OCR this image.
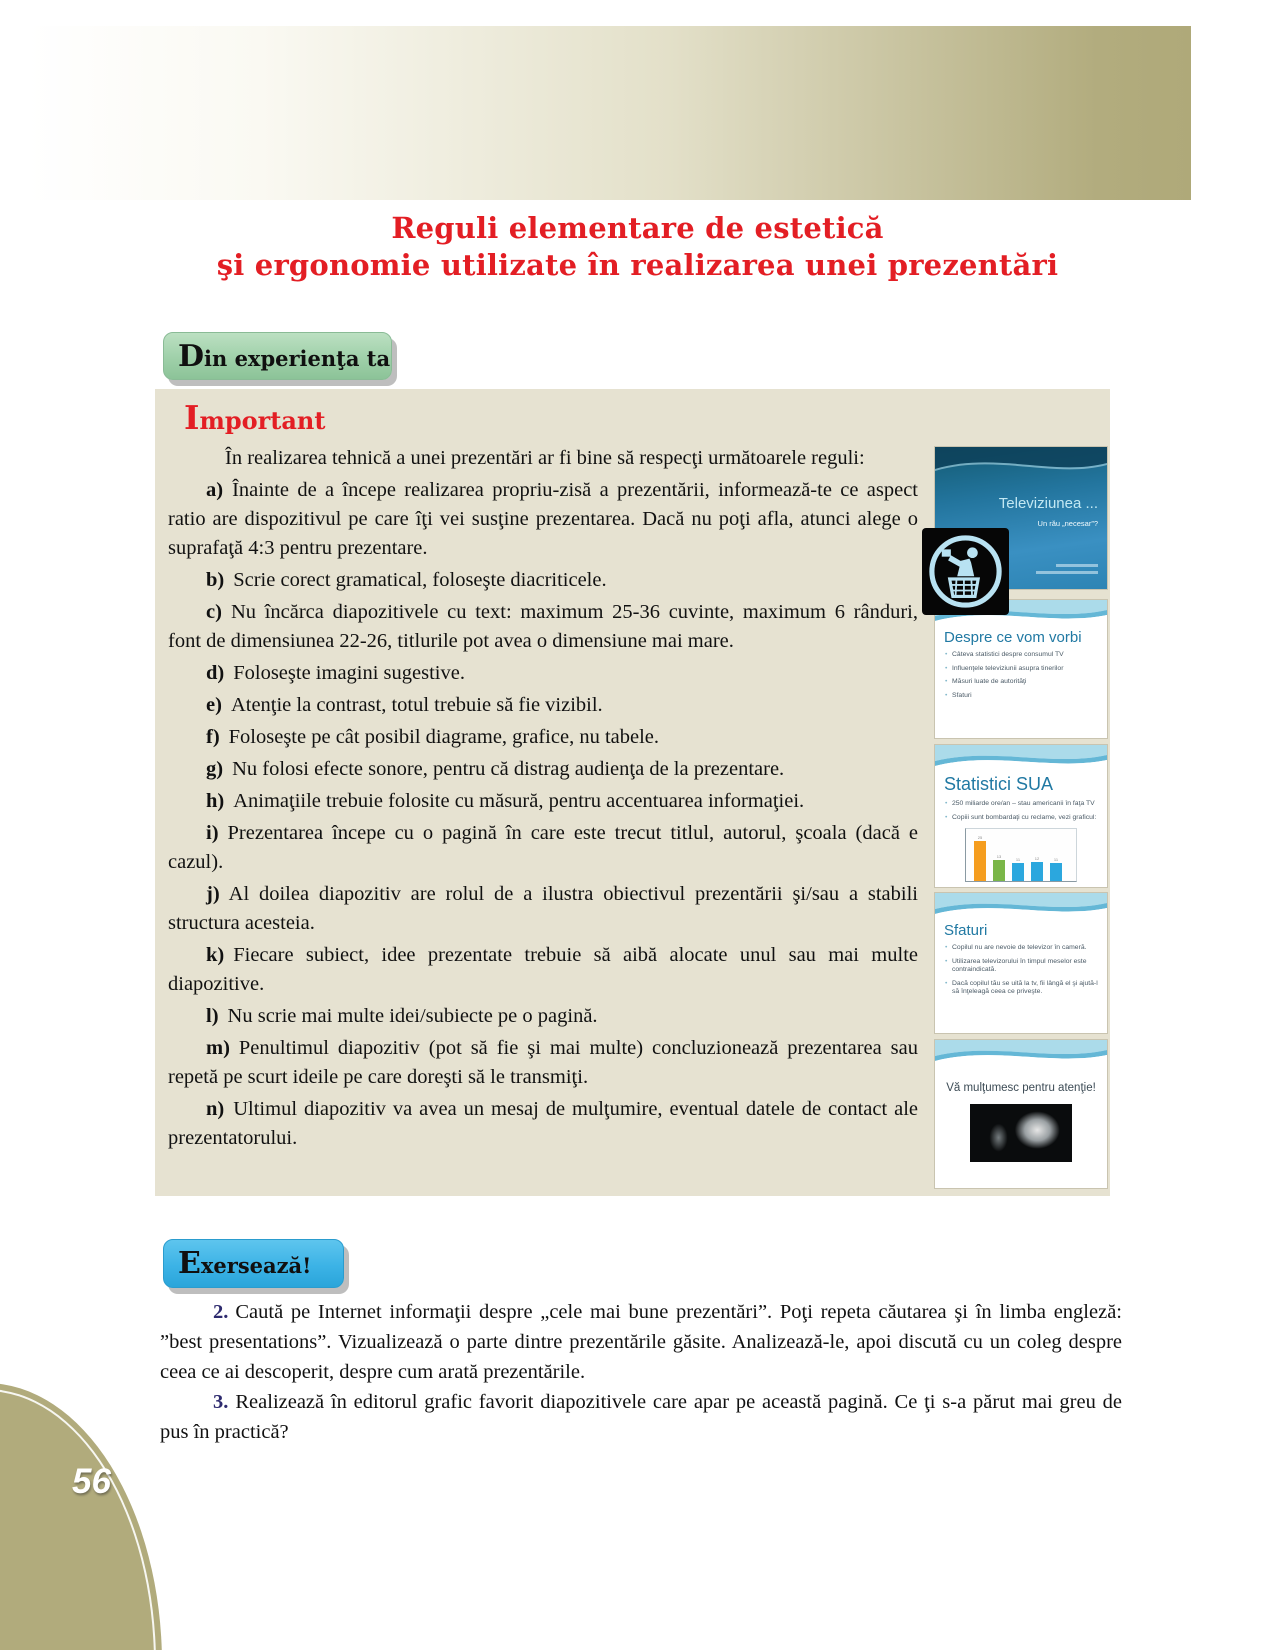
Reguli elementare de estetică
şi ergonomie utilizate în realizarea unei prezentări
Din experienţa ta
Important

În realizarea tehnică a unei prezentări ar fi bine să respecţi următoarele reguli:

a) Înainte de a începe realizarea propriu-zisă a prezentării, informează-te ce aspect ratio are dispozitivul pe care îţi vei susţine prezentarea. Dacă nu poţi afla, atunci alege o suprafaţă 4:3 pentru prezentare.

b) Scrie corect gramatical, foloseşte diacriticele.

c) Nu încărca diapozitivele cu text: maximum 25-36 cuvinte, maximum 6 rânduri, font de dimensiunea 22-26, titlurile pot avea o dimensiune mai mare.

d) Foloseşte imagini sugestive.

e) Atenţie la contrast, totul trebuie să fie vizibil.

f) Foloseşte pe cât posibil diagrame, grafice, nu tabele.

g) Nu folosi efecte sonore, pentru că distrag audienţa de la prezentare.

h) Animaţiile trebuie folosite cu măsură, pentru accentuarea informaţiei.

i) Prezentarea începe cu o pagină în care este trecut titlul, autorul, şcoala (dacă e cazul).

j) Al doilea diapozitiv are rolul de a ilustra obiectivul prezentării şi/sau a stabili structura acesteia.

k) Fiecare subiect, idee prezentate trebuie să aibă alocate unul sau mai multe diapozitive.

l) Nu scrie mai multe idei/subiecte pe o pagină.

m) Penultimul diapozitiv (pot să fie şi mai multe) concluzionează prezentarea sau repetă pe scurt ideile pe care doreşti să le transmiţi.

n) Ultimul diapozitiv va avea un mesaj de mulţumire, eventual datele de contact ale prezentatorului.

Televiziunea ...
Un rău „necesar”?
Despre ce vom vorbi
• Câteva statistici despre consumul TV
• Influenţele televiziunii asupra tinerilor
• Măsuri luate de autorităţi
• Sfaturi
Statistici SUA
• 250 miliarde ore/an – stau americanii în faţa TV
• Copiii sunt bombardaţi cu reclame, vezi graficul:
25
13
11	12	11
Sfaturi
• Copilul nu are nevoie de televizor în cameră.
• Utilizarea televizorului în timpul meselor este contraindicată.
• Dacă copilul tău se uită la tv, fii lângă el şi ajută-l să înţeleagă ceea ce priveşte.
Vă mulţumesc pentru atenţie!
Exersează!

2. Caută pe Internet informaţii despre „cele mai bune prezentări”. Poţi repeta căutarea şi în limba engleză: ”best presentations”. Vizualizează o parte dintre prezentările găsite. Analizează-le, apoi discută cu un coleg despre ceea ce ai descoperit, despre cum arată prezentările.

3. Realizează în editorul grafic favorit diapozitivele care apar pe această pagină. Ce ţi s-a părut mai greu de pus în practică?

56
